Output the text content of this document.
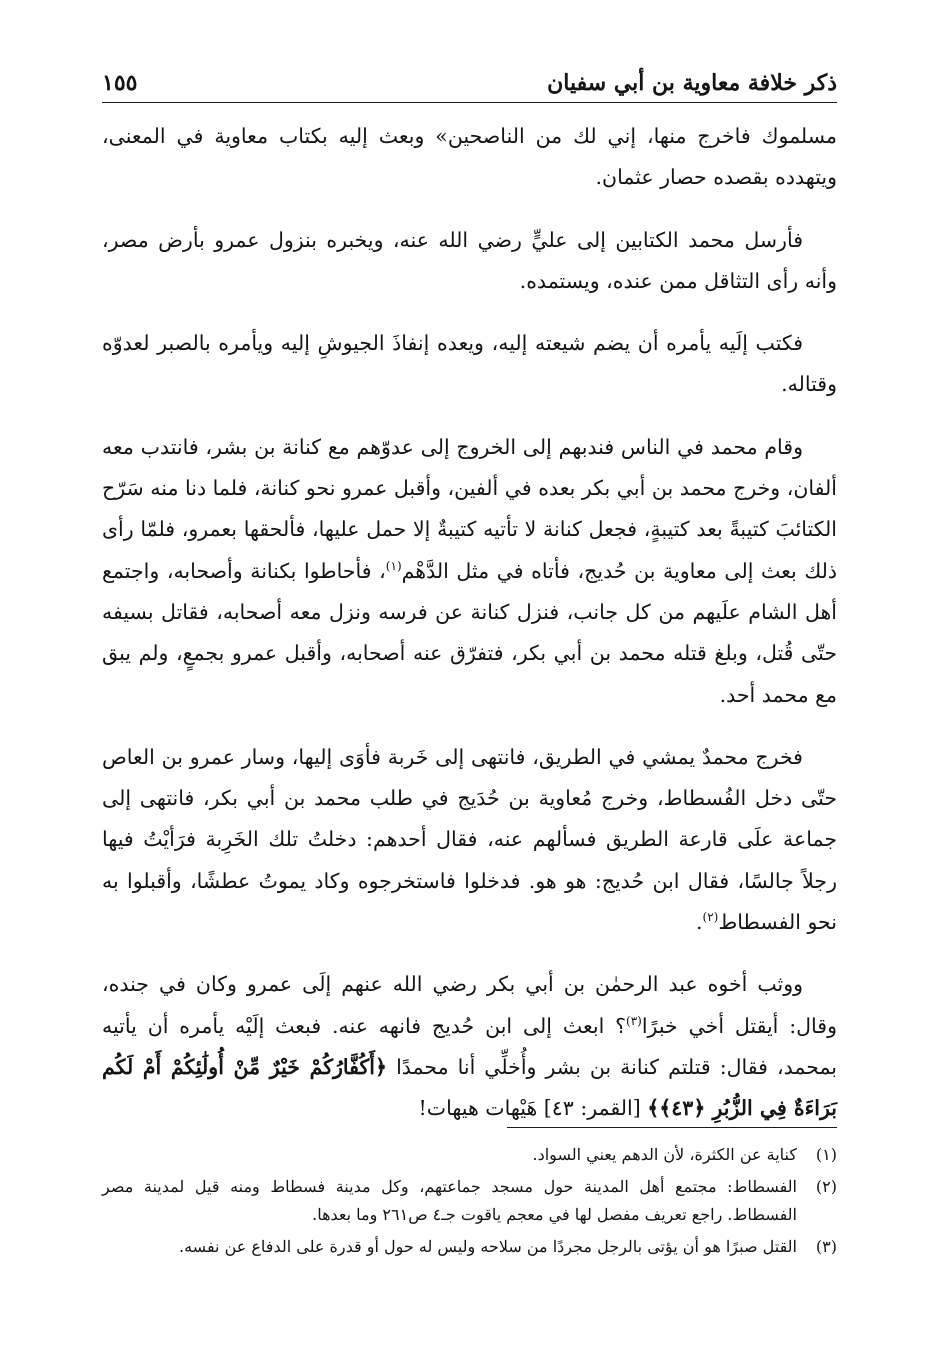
ذكر خلافة معاوية بن أبي سفيان
١٥٥

مسلموك فاخرج منها، إني لك من الناصحين» وبعث إليه بكتاب معاوية في المعنى، ويتهدده بقصده حصار عثمان.

فأرسل محمد الكتابين إلى عليٍّ رضي الله عنه، ويخبره بنزول عمرو بأرض مصر، وأنه رأى التثاقل ممن عنده، ويستمده.

فكتب إلَيه يأمره أن يضم شيعته إليه، ويعده إنفاذَ الجيوشِ إليه ويأمره بالصبر لعدوّه وقتاله.

وقام محمد في الناس فندبهم إلى الخروج إلى عدوّهم مع كنانة بن بشر، فانتدب معه ألفان، وخرج محمد بن أبي بكر بعده في ألفين، وأقبل عمرو نحو كنانة، فلما دنا منه سَرّح الكتائبَ كتيبةً بعد كتيبةٍ، فجعل كنانة لا تأتيه كتيبةٌ إلا حمل عليها، فألحقها بعمرو، فلمّا رأى ذلك بعث إلى معاوية بن حُديج، فأتاه في مثل الدَّهْم$^{(١)}$، فأحاطوا بكنانة وأصحابه، واجتمع أهل الشام علَيهم من كل جانب، فنزل كنانة عن فرسه ونزل معه أصحابه، فقاتل بسيفه حتّى قُتل، وبلغ قتله محمد بن أبي بكر، فتفرّق عنه أصحابه، وأقبل عمرو بجمعٍ، ولم يبق مع محمد أحد.

فخرج محمدٌ يمشي في الطريق، فانتهى إلى خَربة فأوَى إليها، وسار عمرو بن العاص حتّى دخل الفُسطاط، وخرج مُعاوية بن حُدَيج في طلب محمد بن أبي بكر، فانتهى إلى جماعة علَى قارعة الطريق فسألهم عنه، فقال أحدهم: دخلتُ تلك الخَرِبة فرَأيْتُ فيها رجلاً جالسًا، فقال ابن حُديج: هو هو. فدخلوا فاستخرجوه وكاد يموتُ عطشًا، وأقبلوا به نحو الفسطاط$^{(٢)}$.

ووثب أخوه عبد الرحمٰن بن أبي بكر رضي الله عنهم إلَى عمرو وكان في جنده، وقال: أيقتل أخي خبرًا$^{(٣)}$؟ ابعث إلى ابن حُديج فانهه عنه. فبعث إلَيْه يأمره أن يأتيه بمحمد، فقال: قتلتم كنانة بن بشر وأُخلِّي أنا محمدًا ﴿أَكُفَّارُكُمْ خَيْرٌ مِّنْ أُولَٰئِكُمْ أَمْ لَكُم بَرَاءَةٌ فِي الزُّبُرِ ﴿٤٣﴾﴾ [القمر: ٤٣] هَيْهات هيهات!

(١)
كناية عن الكثرة، لأن الدهم يعني السواد.
(٢)
الفسطاط: مجتمع أهل المدينة حول مسجد جماعتهم، وكل مدينة فسطاط ومنه قيل لمدينة مصر الفسطاط. راجع تعريف مفصل لها في معجم ياقوت جـ٤ ص٢٦١ وما بعدها.
(٣)
القتل صبرًا هو أن يؤتى بالرجل مجردًا من سلاحه وليس له حول أو قدرة على الدفاع عن نفسه.
